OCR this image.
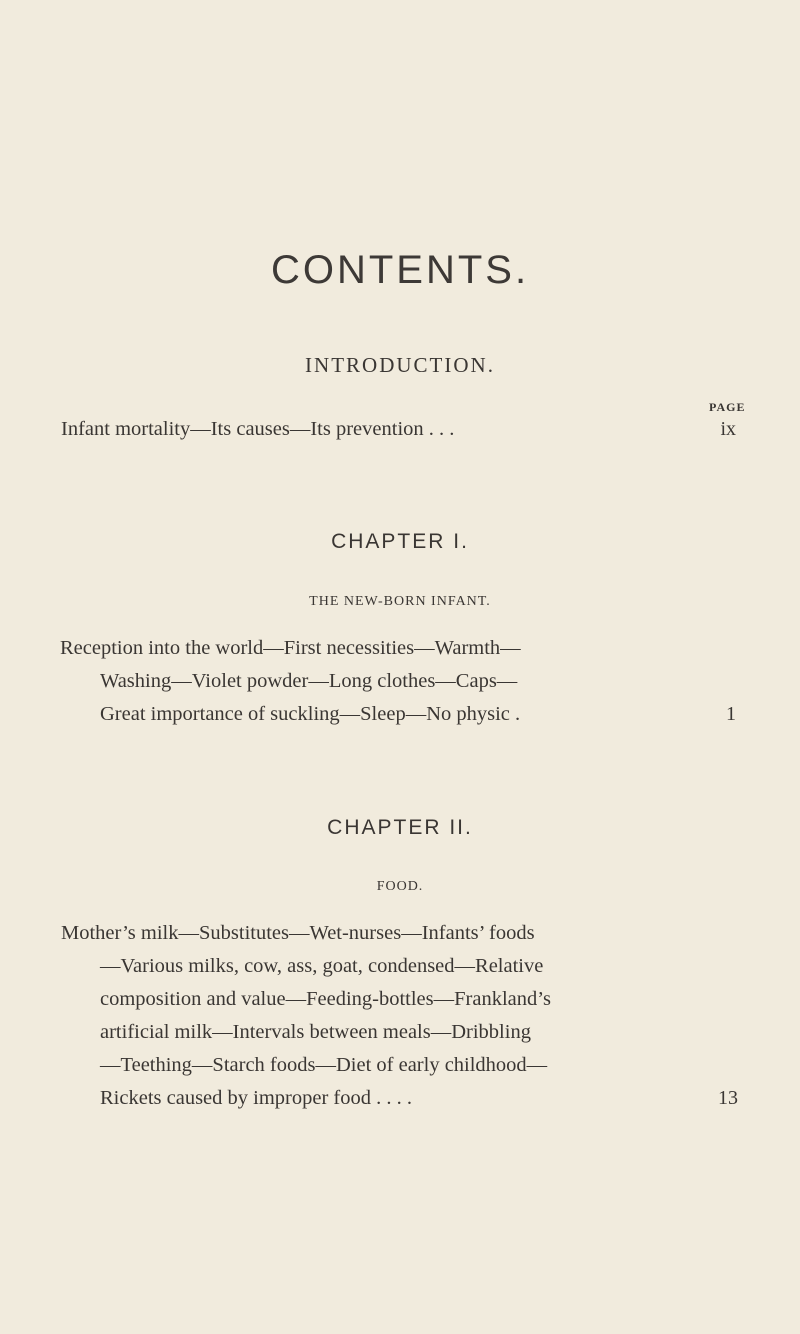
CONTENTS.
INTRODUCTION.
PAGE
Infant mortality—Its causes—Its prevention . . .	ix
CHAPTER I.
THE NEW-BORN INFANT.
Reception into the world—First necessities—Warmth—
Washing—Violet powder—Long clothes—Caps—
Great importance of suckling—Sleep—No physic .	1
CHAPTER II.
FOOD.
Mother’s milk—Substitutes—Wet-nurses—Infants’ foods
—Various milks, cow, ass, goat, condensed—Relative
composition and value—Feeding-bottles—Frankland’s
artificial milk—Intervals between meals—Dribbling
—Teething—Starch foods—Diet of early childhood—
Rickets caused by improper food . . . .	13
